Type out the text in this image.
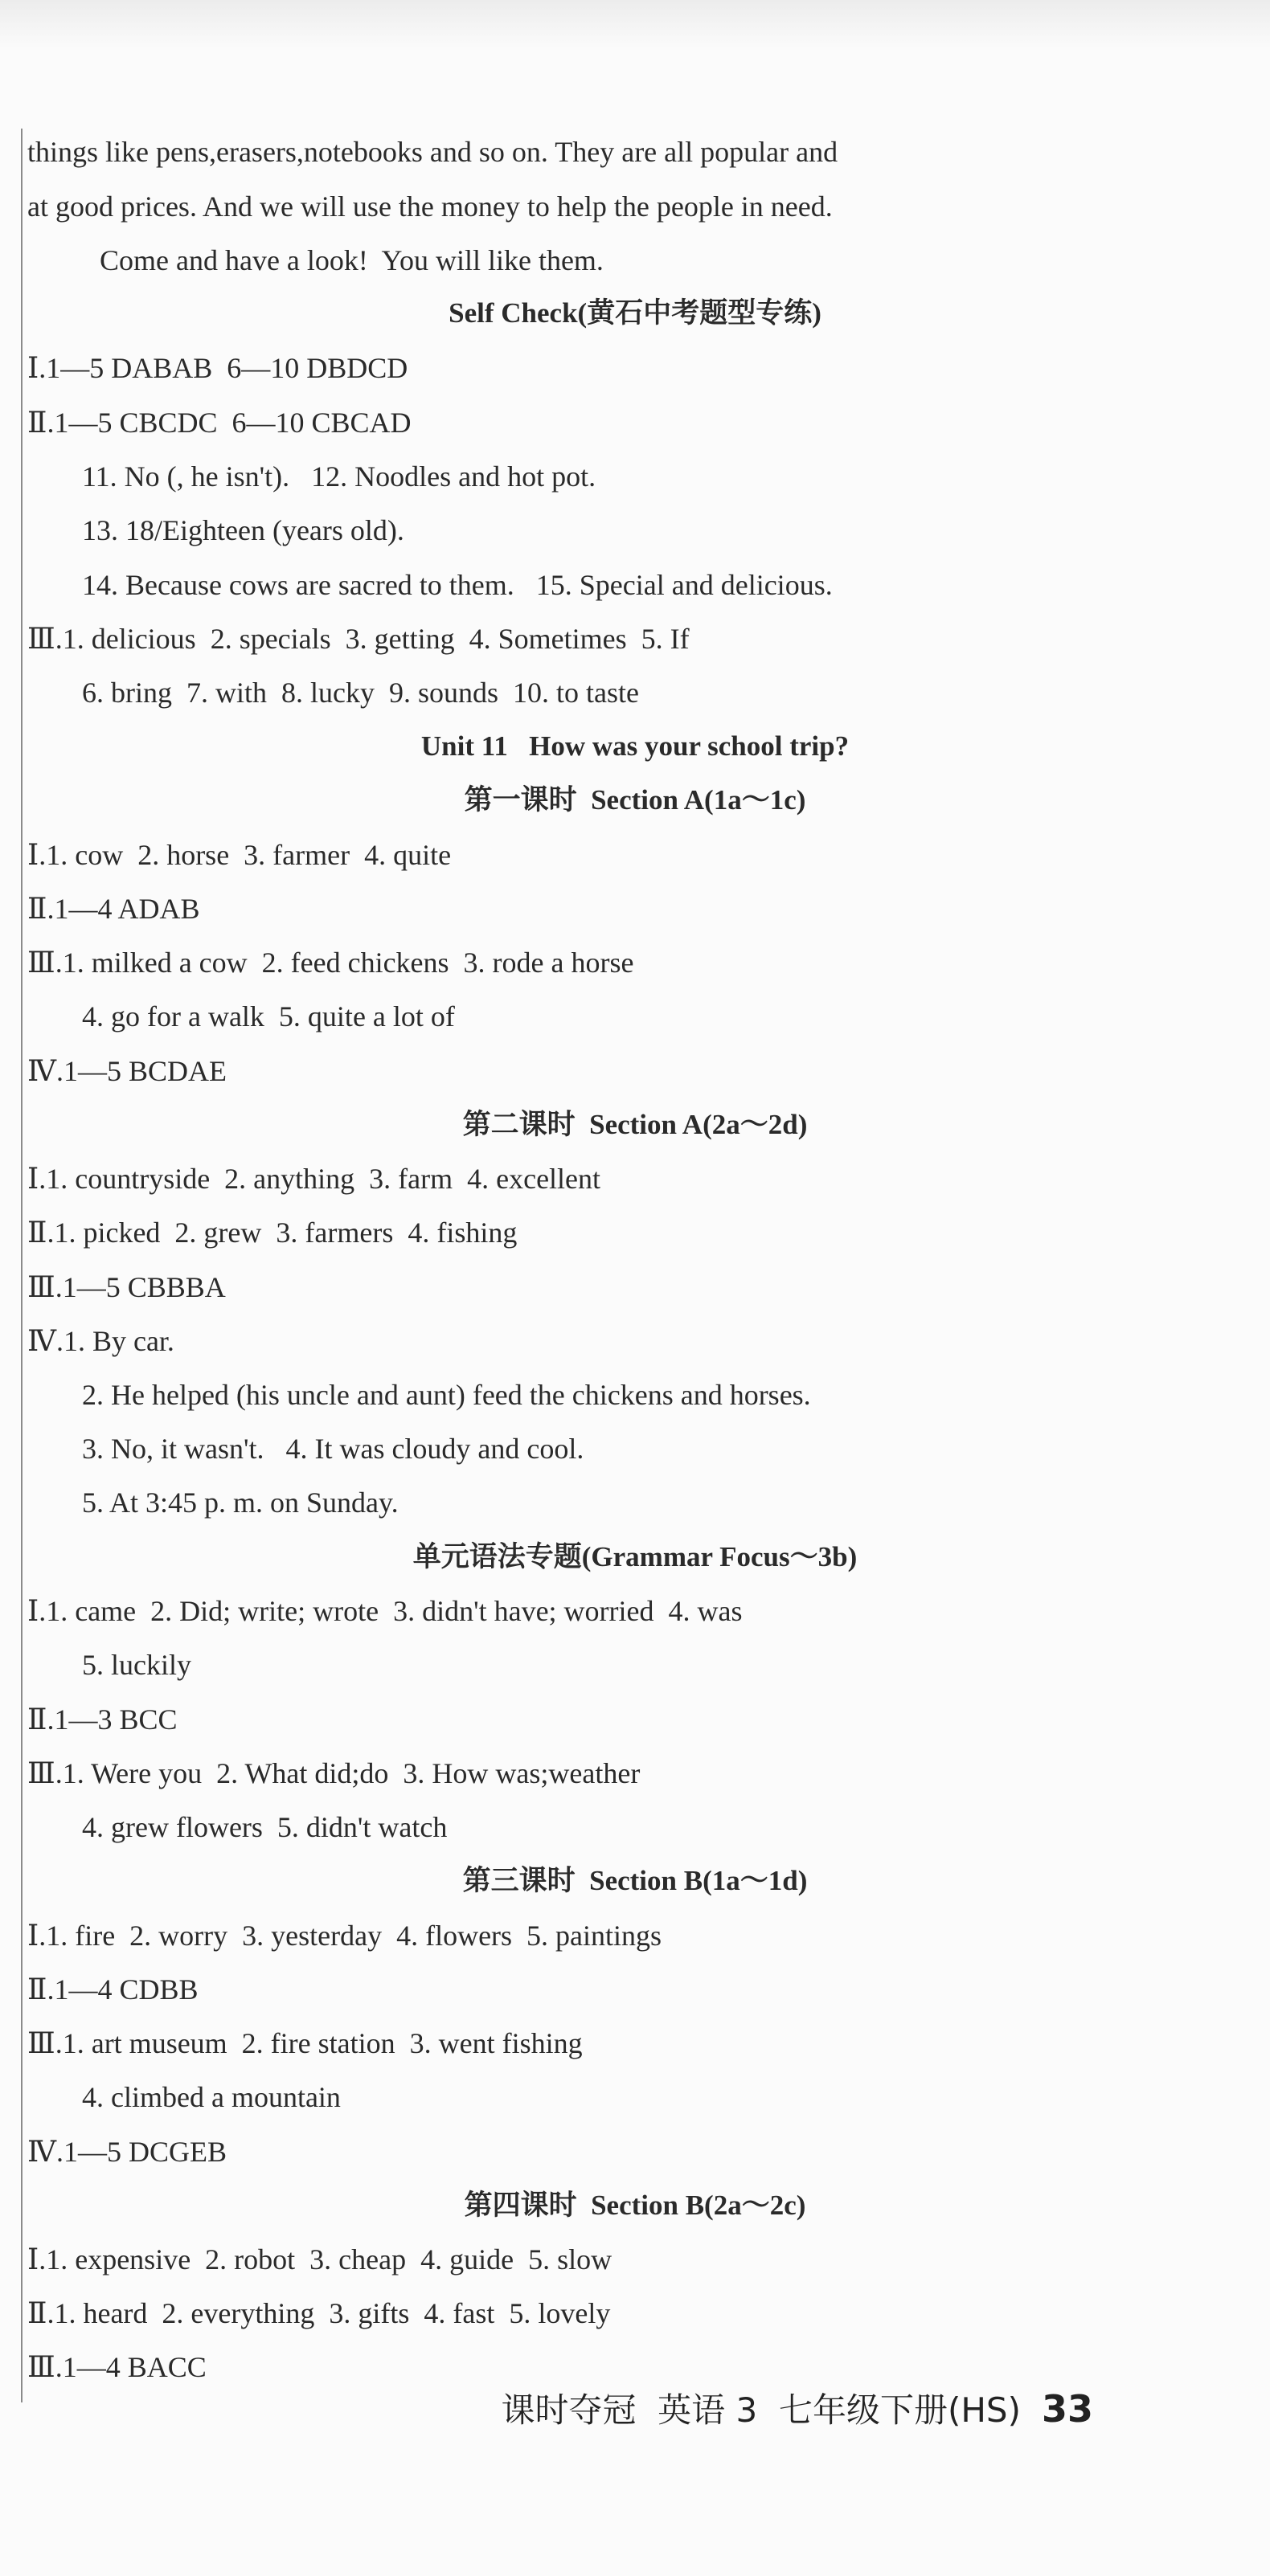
things like pens,erasers,notebooks and so on. They are all popular and
at good prices. And we will use the money to help the people in need.
Come and have a look!  You will like them.
Self Check(黄石中考题型专练)
Ⅰ.1—5 DABAB  6—10 DBDCD
Ⅱ.1—5 CBCDC  6—10 CBCAD
11. No (, he isn't).   12. Noodles and hot pot.
13. 18/Eighteen (years old).
14. Because cows are sacred to them.   15. Special and delicious.
Ⅲ.1. delicious  2. specials  3. getting  4. Sometimes  5. If
6. bring  7. with  8. lucky  9. sounds  10. to taste
Unit 11   How was your school trip?
第一课时  Section A(1a～1c)
Ⅰ.1. cow  2. horse  3. farmer  4. quite
Ⅱ.1—4 ADAB
Ⅲ.1. milked a cow  2. feed chickens  3. rode a horse
4. go for a walk  5. quite a lot of
Ⅳ.1—5 BCDAE
第二课时  Section A(2a～2d)
Ⅰ.1. countryside  2. anything  3. farm  4. excellent
Ⅱ.1. picked  2. grew  3. farmers  4. fishing
Ⅲ.1—5 CBBBA
Ⅳ.1. By car.
2. He helped (his uncle and aunt) feed the chickens and horses.
3. No, it wasn't.   4. It was cloudy and cool.
5. At 3:45 p. m. on Sunday.
单元语法专题(Grammar Focus～3b)
Ⅰ.1. came  2. Did; write; wrote  3. didn't have; worried  4. was
5. luckily
Ⅱ.1—3 BCC
Ⅲ.1. Were you  2. What did;do  3. How was;weather
4. grew flowers  5. didn't watch
第三课时  Section B(1a～1d)
Ⅰ.1. fire  2. worry  3. yesterday  4. flowers  5. paintings
Ⅱ.1—4 CDBB
Ⅲ.1. art museum  2. fire station  3. went fishing
4. climbed a mountain
Ⅳ.1—5 DCGEB
第四课时  Section B(2a～2c)
Ⅰ.1. expensive  2. robot  3. cheap  4. guide  5. slow
Ⅱ.1. heard  2. everything  3. gifts  4. fast  5. lovely
Ⅲ.1—4 BACC
课时夺冠  英语 3  七年级下册(HS) 33
